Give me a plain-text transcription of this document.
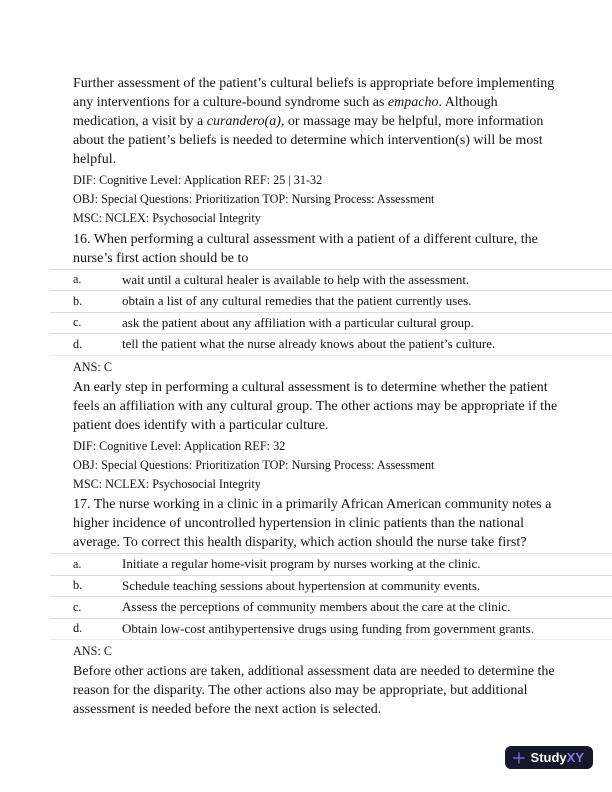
Further assessment of the patient’s cultural beliefs is appropriate before implementing any interventions for a culture-bound syndrome such as empacho. Although medication, a visit by a curandero(a), or massage may be helpful, more information about the patient’s beliefs is needed to determine which intervention(s) will be most helpful.

DIF: Cognitive Level: Application REF: 25 | 31-32
OBJ: Special Questions: Prioritization TOP: Nursing Process: Assessment
MSC: NCLEX: Psychosocial Integrity

16. When performing a cultural assessment with a patient of a different culture, the nurse’s first action should be to

a.	wait until a cultural healer is available to help with the assessment.
b.	obtain a list of any cultural remedies that the patient currently uses.
c.	ask the patient about any affiliation with a particular cultural group.
d.	tell the patient what the nurse already knows about the patient’s culture.

ANS: C

An early step in performing a cultural assessment is to determine whether the patient feels an affiliation with any cultural group. The other actions may be appropriate if the patient does identify with a particular culture.

DIF: Cognitive Level: Application REF: 32
OBJ: Special Questions: Prioritization TOP: Nursing Process: Assessment
MSC: NCLEX: Psychosocial Integrity

17. The nurse working in a clinic in a primarily African American community notes a higher incidence of uncontrolled hypertension in clinic patients than the national average. To correct this health disparity, which action should the nurse take first?

a.	Initiate a regular home-visit program by nurses working at the clinic.
b.	Schedule teaching sessions about hypertension at community events.
c.	Assess the perceptions of community members about the care at the clinic.
d.	Obtain low-cost antihypertensive drugs using funding from government grants.

ANS: C

Before other actions are taken, additional assessment data are needed to determine the reason for the disparity. The other actions also may be appropriate, but additional assessment is needed before the next action is selected.

StudyXY
